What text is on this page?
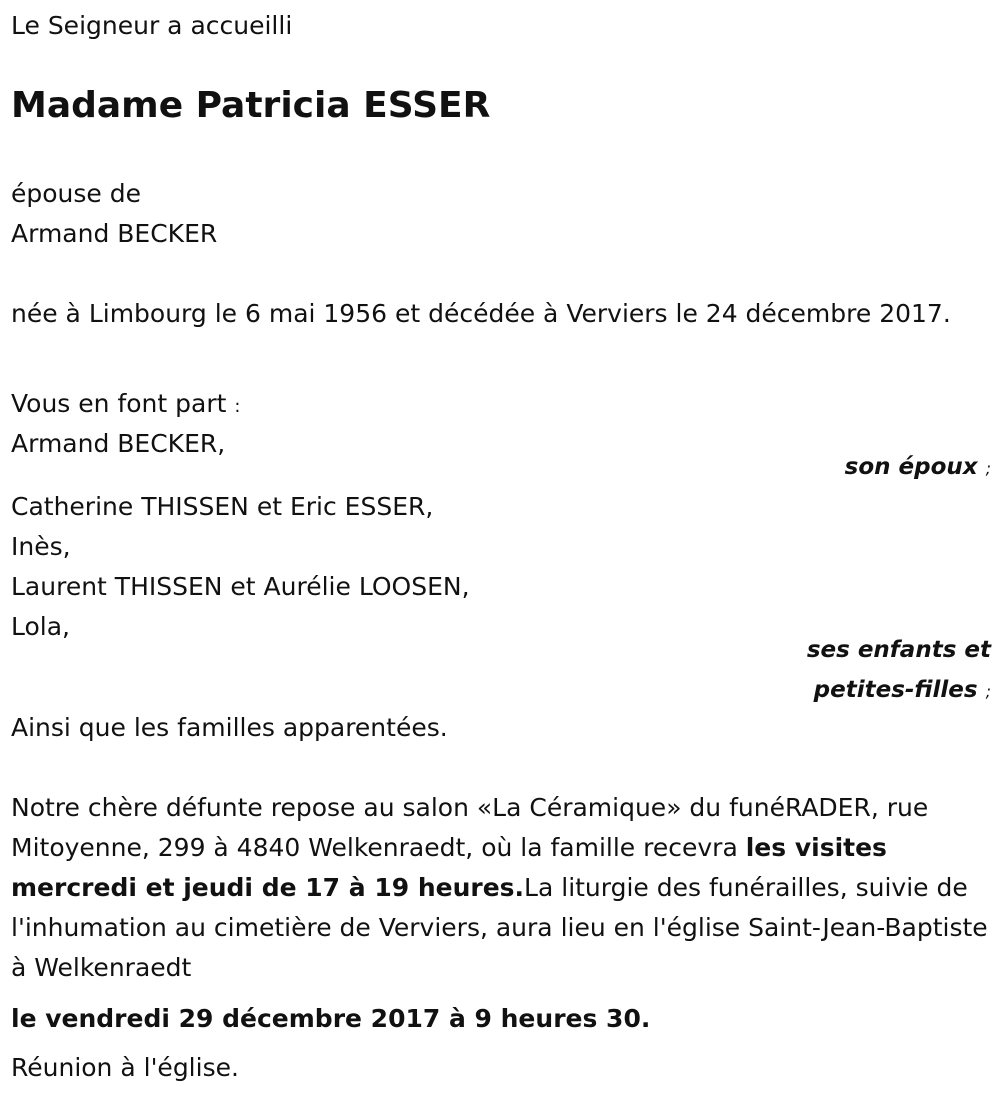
Le Seigneur a accueilli
Madame Patricia ESSER
épouse de
Armand BECKER
née à Limbourg le 6 mai 1956 et décédée à Verviers le 24 décembre 2017.
Vous en font part :
Armand BECKER,
son époux ;
Catherine THISSEN et Eric ESSER,
Inès,
Laurent THISSEN et Aurélie LOOSEN,
Lola,
ses enfants et
petites-filles ;
Ainsi que les familles apparentées.
Notre chère défunte repose au salon «La Céramique» du funéRADER, rue Mitoyenne, 299 à 4840 Welkenraedt, où la famille recevra les visites mercredi et jeudi de 17 à 19 heures.La liturgie des funérailles, suivie de l'inhumation au cimetière de Verviers, aura lieu en l'église Saint-Jean-Baptiste à Welkenraedt
le vendredi 29 décembre 2017 à 9 heures 30.
Réunion à l'église.
